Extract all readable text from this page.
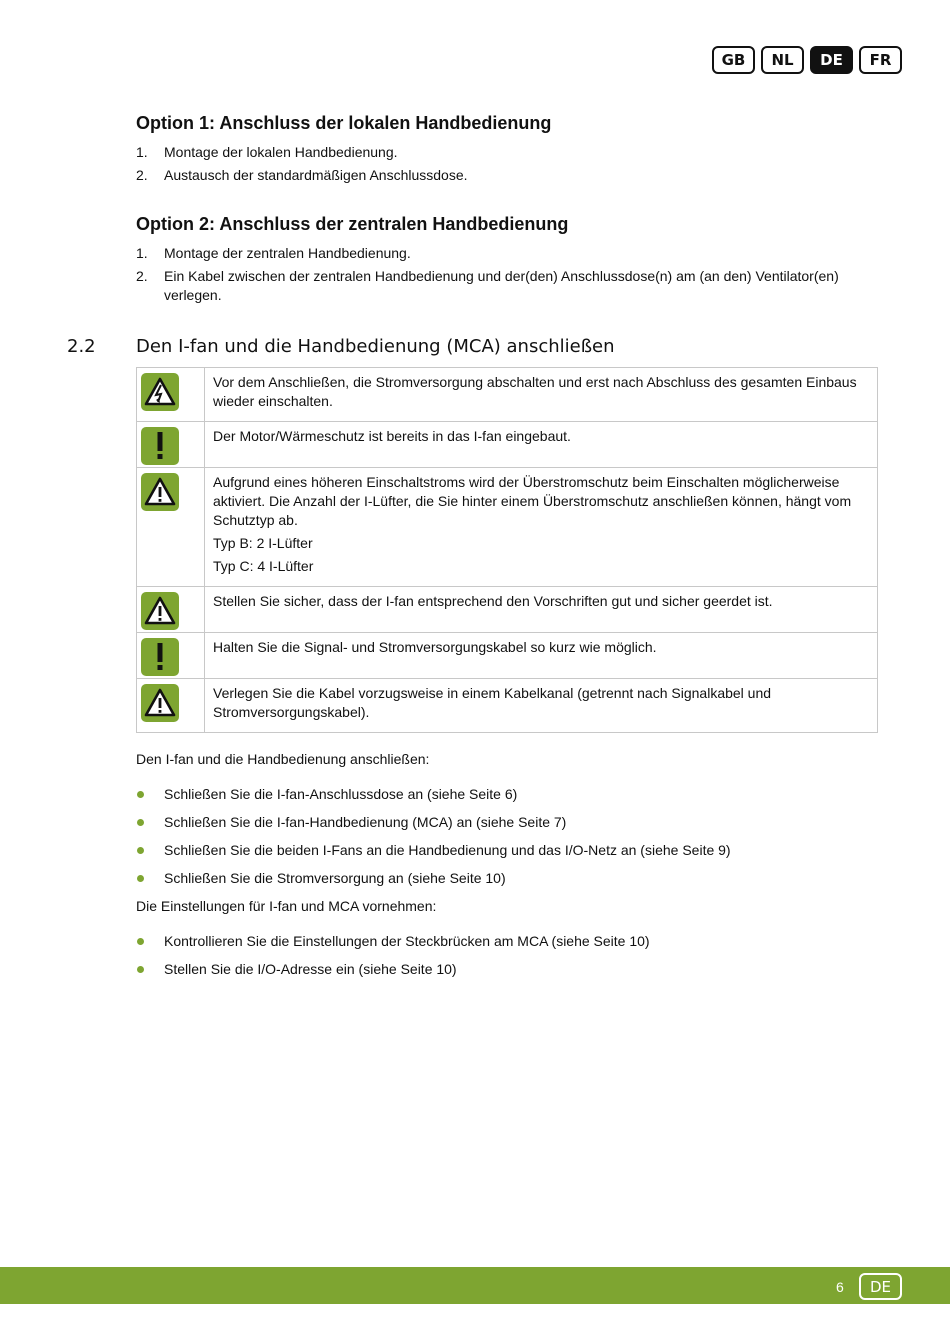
GB	NL	DE	FR
Option 1: Anschluss der lokalen Handbedienung
1. Montage der lokalen Handbedienung.
2. Austausch der standardmäßigen Anschlussdose.
Option 2: Anschluss der zentralen Handbedienung
1. Montage der zentralen Handbedienung.
2. Ein Kabel zwischen der zentralen Handbedienung und der(den) Anschlussdose(n) am (an den) Ventilator(en) verlegen.
2.2 Den I-fan und die Handbedienung (MCA) anschließen

Vor dem Anschließen, die Stromversorgung abschalten und erst nach Abschluss des gesamten Einbaus wieder einschalten.

Der Motor/Wärmeschutz ist bereits in das I-fan eingebaut.

Aufgrund eines höheren Einschaltstroms wird der Überstromschutz beim Einschalten möglicherweise aktiviert. Die Anzahl der I-Lüfter, die Sie hinter einem Überstromschutz anschließen können, hängt vom Schutztyp ab.

Typ B: 2 I-Lüfter

Typ C: 4 I-Lüfter

Stellen Sie sicher, dass der I-fan entsprechend den Vorschriften gut und sicher geerdet ist.

Halten Sie die Signal- und Stromversorgungskabel so kurz wie möglich.

Verlegen Sie die Kabel vorzugsweise in einem Kabelkanal (getrennt nach Signalkabel und Stromversorgungskabel).

Den I-fan und die Handbedienung anschließen:

Schließen Sie die I-fan-Anschlussdose an (siehe Seite 6)
Schließen Sie die I-fan-Handbedienung (MCA) an (siehe Seite 7)
Schließen Sie die beiden I-Fans an die Handbedienung und das I/O-Netz an (siehe Seite 9)
Schließen Sie die Stromversorgung an (siehe Seite 10)

Die Einstellungen für I-fan und MCA vornehmen:

Kontrollieren Sie die Einstellungen der Steckbrücken am MCA (siehe Seite 10)
Stellen Sie die I/O-Adresse ein (siehe Seite 10)
6	DE
